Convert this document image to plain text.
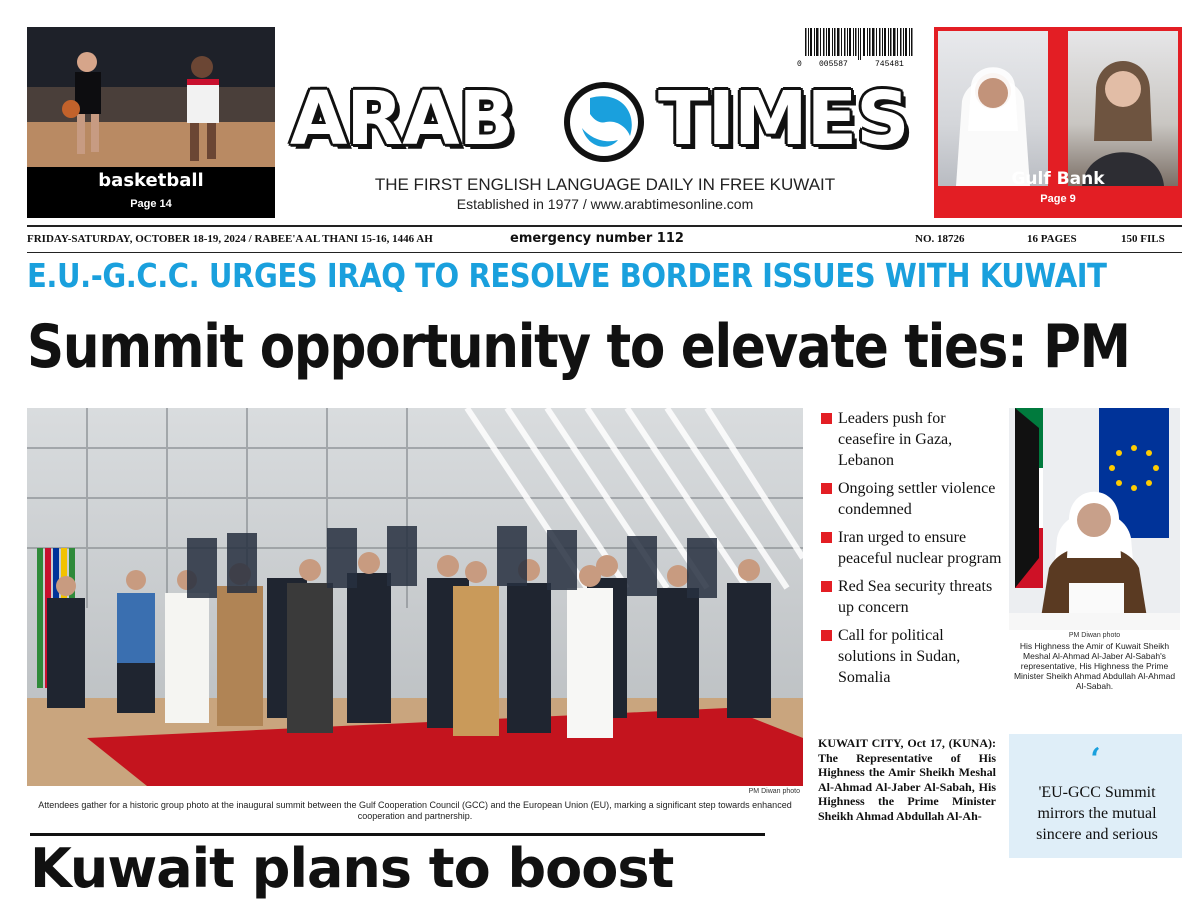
basketball
Page 14
0 005587	745481
ARAB TIMES
THE FIRST ENGLISH LANGUAGE DAILY IN FREE KUWAIT
Established in 1977 / www.arabtimesonline.com
Gulf Bank
Page 9
FRIDAY-SATURDAY, OCTOBER 18-19, 2024 / RABEE'A AL THANI 15-16, 1446 AH	emergency number 112	NO. 18726	16 PAGES	150 FILS
E.U.-G.C.C. URGES IRAQ TO RESOLVE BORDER ISSUES WITH KUWAIT
Summit opportunity to elevate ties: PM
PM Diwan photo
Attendees gather for a historic group photo at the inaugural summit between the Gulf Cooperation Council (GCC) and the European Union (EU), marking a significant step towards enhanced cooperation and partnership.
Kuwait plans to boost
Leaders push for ceasefire in Gaza, Lebanon
Ongoing settler violence condemned
Iran urged to ensure peaceful nuclear program
Red Sea security threats up concern
Call for political solutions in Sudan, Somalia
KUWAIT CITY, Oct 17, (KUNA): The Representative of His Highness the Amir Sheikh Meshal Al-Ahmad Al-Jaber Al-Sabah, His Highness the Prime Minister Sheikh Ahmad Abdullah Al-Ah-
PM Diwan photo
His Highness the Amir of Kuwait Sheikh Meshal Al-Ahmad Al-Jaber Al-Sabah's representative, His Highness the Prime Minister Sheikh Ahmad Abdullah Al-Ahmad Al-Sabah.
‘
'EU-GCC Summit mirrors the mutual sincere and serious
